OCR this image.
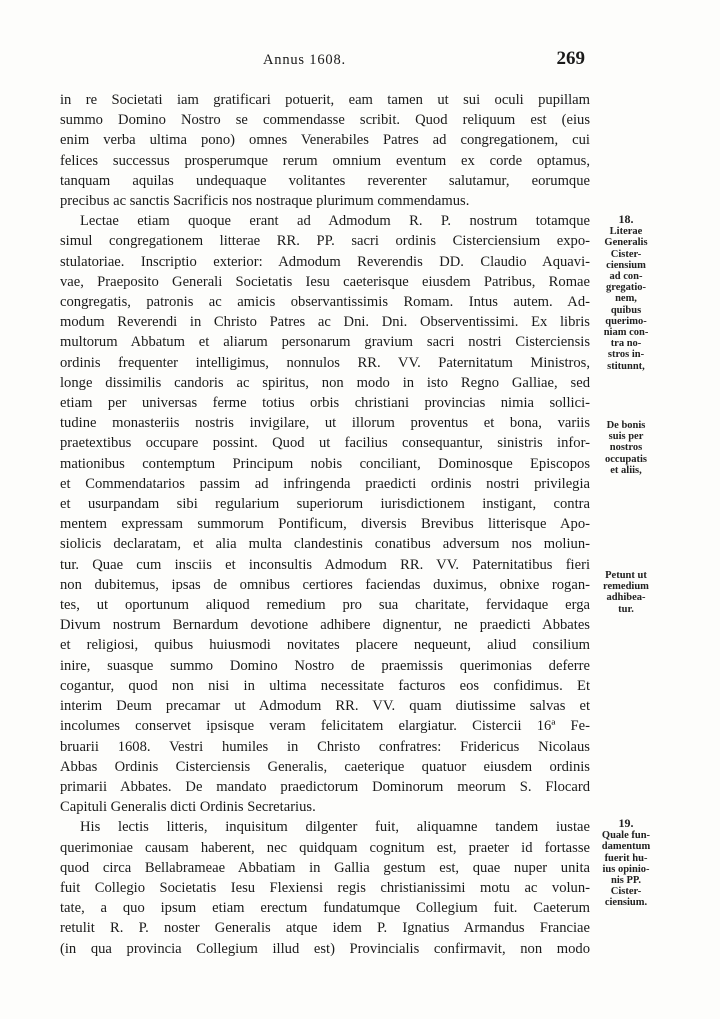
Annus 1608.	269

in re Societati iam gratificari potuerit, eam tamen ut sui oculi pupillam
summo Domino Nostro se commendasse scribit. Quod reliquum est (eius
enim verba ultima pono) omnes Venerabiles Patres ad congregationem, cui
felices successus prosperumque rerum omnium eventum ex corde optamus,
tanquam aquilas undequaque volitantes reverenter salutamur, eorumque
precibus ac sanctis Sacrificis nos nostraque plurimum commendamus.

Lectae etiam quoque erant ad Admodum R. P. nostrum totamque
simul congregationem litterae RR. PP. sacri ordinis Cisterciensium expo-
stulatoriae. Inscriptio exterior: Admodum Reverendis DD. Claudio Aquavi-
vae, Praeposito Generali Societatis Iesu caeterisque eiusdem Patribus, Romae
congregatis, patronis ac amicis observantissimis Romam. Intus autem. Ad-
modum Reverendi in Christo Patres ac Dni. Dni. Observentissimi. Ex libris
multorum Abbatum et aliarum personarum gravium sacri nostri Cisterciensis
ordinis frequenter intelligimus, nonnulos RR. VV. Paternitatum Ministros,
longe dissimilis candoris ac spiritus, non modo in isto Regno Galliae, sed
etiam per universas ferme totius orbis christiani provincias nimia sollici-
tudine monasteriis nostris invigilare, ut illorum proventus et bona, variis
praetextibus occupare possint. Quod ut facilius consequantur, sinistris infor-
mationibus contemptum Principum nobis conciliant, Dominosque Episcopos
et Commendatarios passim ad infringenda praedicti ordinis nostri privilegia
et usurpandam sibi regularium superiorum iurisdictionem instigant, contra
mentem expressam summorum Pontificum, diversis Brevibus litterisque Apo-
siolicis declaratam, et alia multa clandestinis conatibus adversum nos moliun-
tur. Quae cum insciis et inconsultis Admodum RR. VV. Paternitatibus fieri
non dubitemus, ipsas de omnibus certiores faciendas duximus, obnixe rogan-
tes, ut oportunum aliquod remedium pro sua charitate, fervidaque erga
Divum nostrum Bernardum devotione adhibere dignentur, ne praedicti Abbates
et religiosi, quibus huiusmodi novitates placere nequeunt, aliud consilium
inire, suasque summo Domino Nostro de praemissis querimonias deferre
cogantur, quod non nisi in ultima necessitate facturos eos confidimus. Et
interim Deum precamar ut Admodum RR. VV. quam diutissime salvas et
incolumes conservet ipsisque veram felicitatem elargiatur. Cistercii 16ª Fe-
bruarii 1608. Vestri humiles in Christo confratres: Fridericus Nicolaus
Abbas Ordinis Cisterciensis Generalis, caeterique quatuor eiusdem ordinis
primarii Abbates. De mandato praedictorum Dominorum meorum S. Flocard
Capituli Generalis dicti Ordinis Secretarius.

His lectis litteris, inquisitum dilgenter fuit, aliquamne tandem iustae
querimoniae causam haberent, nec quidquam cognitum est, praeter id fortasse
quod circa Bellabrameae Abbatiam in Gallia gestum est, quae nuper unita
fuit Collegio Societatis Iesu Flexiensi regis christianissimi motu ac volun-
tate, a quo ipsum etiam erectum fundatumque Collegium fuit. Caeterum
retulit R. P. noster Generalis atque idem P. Ignatius Armandus Franciae
(in qua provincia Collegium illud est) Provincialis confirmavit, non modo

18.
Literae
Generalis
Cister-
ciensium
ad con-
gregatio-
nem,
quibus
querimo-
niam con-
tra no-
stros in-
stitunnt,
De bonis
suis per
nostros
occupatis
et aliis,
Petunt ut
remedium
adhibea-
tur.
19.
Quale fun-
damentum
fuerit hu-
ius opinio-
nis PP.
Cister-
ciensium.
